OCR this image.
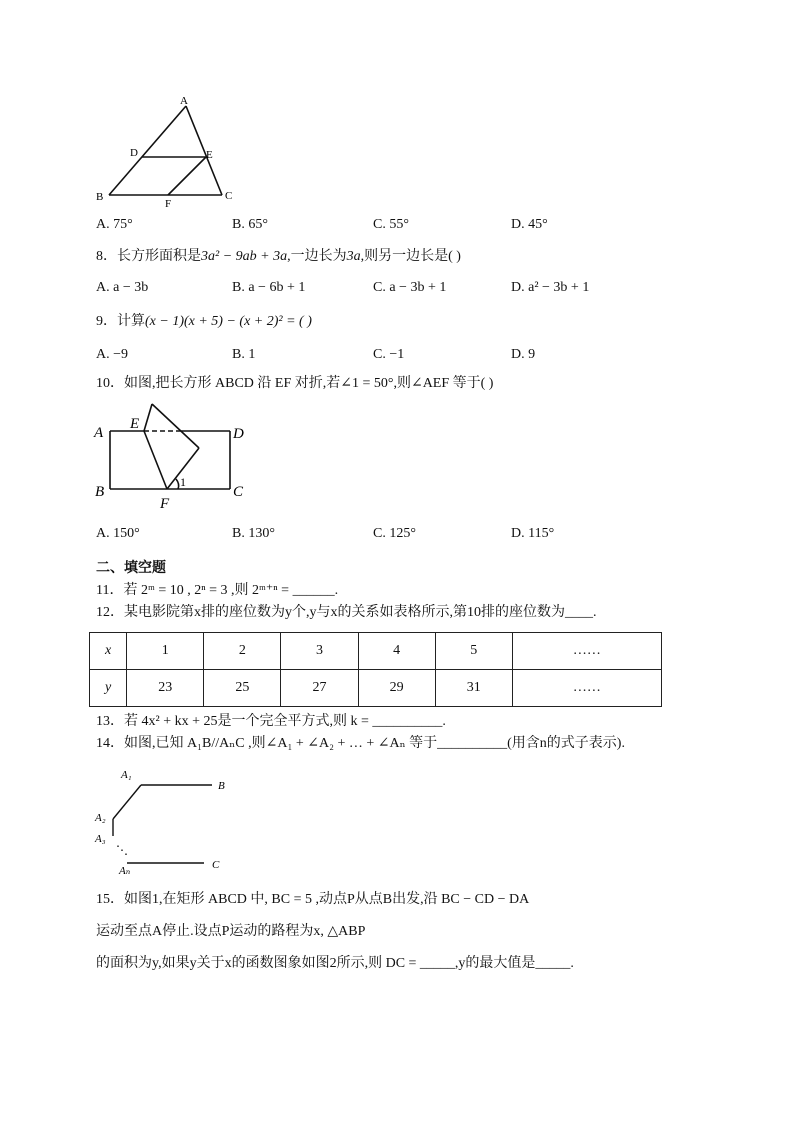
A
B	C
D	E
F
A. 75°	B. 65°	C. 55°	D. 45°
8．长方形面积是3a² − 9ab + 3a,一边长为3a,则另一边长是( )
A. a − 3b	B. a − 6b + 1	C. a − 3b + 1	D. a² − 3b + 1
9．计算(x − 1)(x + 5) − (x + 2)² = ( )
A. −9	B. 1	C. −1	D. 9
10．如图,把长方形 ABCD 沿 EF 对折,若∠1 = 50°,则∠AEF 等于( )
A
B	C
D
E
F
1
A. 150°	B. 130°	C. 125°	D. 115°
二、填空题
11．若 2ᵐ = 10 , 2ⁿ = 3 ,则 2ᵐ⁺ⁿ = ______.
12．某电影院第x排的座位数为y个,y与x的关系如表格所示,第10排的座位数为____.
x	1	2	3	4	5	……
y	23	25	27	29	31	……
13．若 4x² + kx + 25是一个完全平方式,则 k = __________.
14．如图,已知 A₁B//AₙC ,则∠A₁ + ∠A₂ + … + ∠Aₙ 等于__________(用含n的式子表示).
A₁
B
A₂
A₃
⋱
Aₙ	C
15．如图1,在矩形 ABCD 中, BC = 5 ,动点P从点B出发,沿 BC − CD − DA
运动至点A停止.设点P运动的路程为x, △ABP
的面积为y,如果y关于x的函数图象如图2所示,则 DC = _____,y的最大值是_____.
